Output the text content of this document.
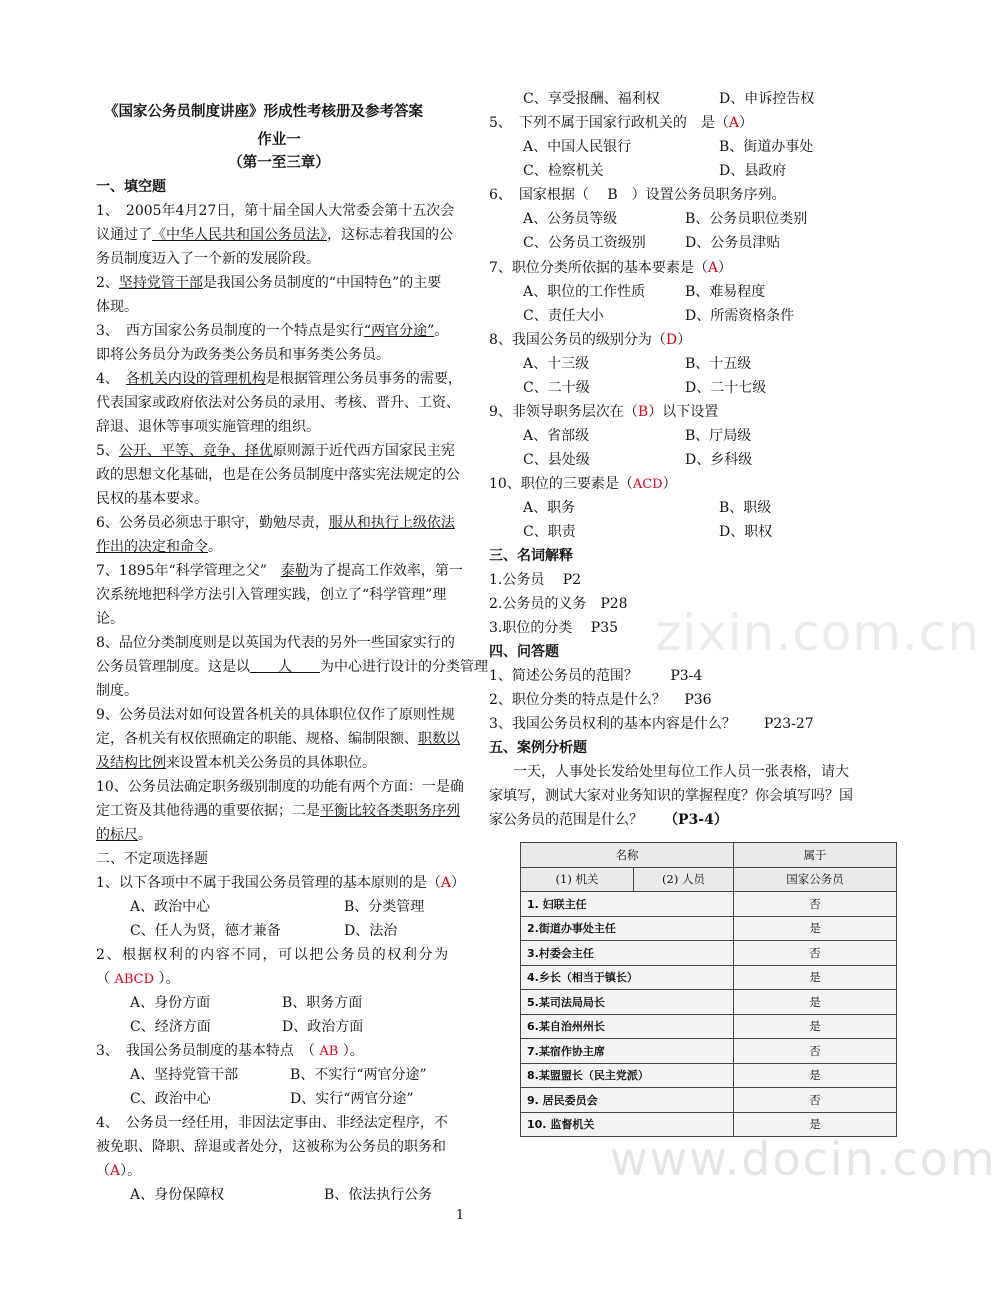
《国家公务员制度讲座》形成性考核册及参考答案
作业一
（第一至三章）
一、填空题
1、　2005年4月27日，第十届全国人大常委会第十五次会
议通过了《中华人民共和国公务员法》，这标志着我国的公
务员制度迈入了一个新的发展阶段。
2、坚持党管干部是我国公务员制度的“中国特色”的主要
体现。
3、　西方国家公务员制度的一个特点是实行“两官分途”。
即将公务员分为政务类公务员和事务类公务员。
4、　各机关内设的管理机构是根据管理公务员事务的需要，
代表国家或政府依法对公务员的录用、考核、晋升、工资、
辞退、退休等事项实施管理的组织。
5、公开、平等、竞争、择优原则源于近代西方国家民主宪
政的思想文化基础，也是在公务员制度中落实宪法规定的公
民权的基本要求。
6、公务员必须忠于职守，勤勉尽责，服从和执行上级依法
作出的决定和命令。
7、1895年“科学管理之父”　泰勒为了提高工作效率，第一
次系统地把科学方法引入管理实践，创立了“科学管理”理
论。
8、品位分类制度则是以英国为代表的另外一些国家实行的
公务员管理制度。这是以　　人　　为中心进行设计的分类管理
制度。
9、公务员法对如何设置各机关的具体职位仅作了原则性规
定，各机关有权依照确定的职能、规格、编制限额、职数以
及结构比例来设置本机关公务员的具体职位。
10、公务员法确定职务级别制度的功能有两个方面：一是确
定工资及其他待遇的重要依据；二是平衡比较各类职务序列
的标尺。
二、不定项选择题
1、以下各项中不属于我国公务员管理的基本原则的是（A）
A、政治中心	B、分类管理
C、任人为贤，德才兼备	D、法治
2、根据权利的内容不同，可以把公务员的权利分为
（ ABCD ）。
A、身份方面	B、职务方面
C、经济方面	D、政治方面
3、　我国公务员制度的基本特点　（ AB ）。
A、坚持党管干部	B、不实行“两官分途”
C、政治中心	D、实行“两官分途”
4、　公务员一经任用，非因法定事由、非经法定程序，不
被免职、降职、辞退或者处分，这被称为公务员的职务和
（A）。
A、身份保障权	B、依法执行公务
C、享受报酬、福利权	D、申诉控告权
5、　下列不属于国家行政机关的　是（A）
A、中国人民银行	B、街道办事处
C、检察机关	D、县政府
6、　国家根据（　 B　）设置公务员职务序列。
A、公务员等级	B、公务员职位类别
C、公务员工资级别	D、公务员津贴
7、职位分类所依据的基本要素是（A）
A、职位的工作性质	B、难易程度
C、责任大小	D、所需资格条件
8、我国公务员的级别分为（D）
A、十三级	B、十五级
C、二十级	D、二十七级
9、非领导职务层次在（B）以下设置
A、省部级	B、厅局级
C、县处级	D、乡科级
10、职位的三要素是（ACD）
A、职务	B、职级
C、职责	D、职权
三、名词解释
1.公务员　 P2
2.公务员的义务　P28
3.职位的分类　 P35
四、问答题
1、简述公务员的范围？　　 P3-4
2、职位分类的特点是什么？　 P36
3、我国公务员权利的基本内容是什么？　　P23-27
五、案例分析题
一天，人事处长发给处里每位工作人员一张表格，请大
家填写，测试大家对业务知识的掌握程度？你会填写吗？国
家公务员的范围是什么？　　 （P3-4）
zixin.com.cn
名称		属于
(1) 机关	(2) 人员	国家公务员
1. 妇联主任		否
2.街道办事处主任		是
3.村委会主任		否
4.乡长（相当于镇长）		是
5.某司法局局长		是
6.某自治州州长		是
7.某宿作协主席		否
8.某盟盟长（民主党派）		是
9. 居民委员会		否
10. 监督机关		是
www.docin.com
1
